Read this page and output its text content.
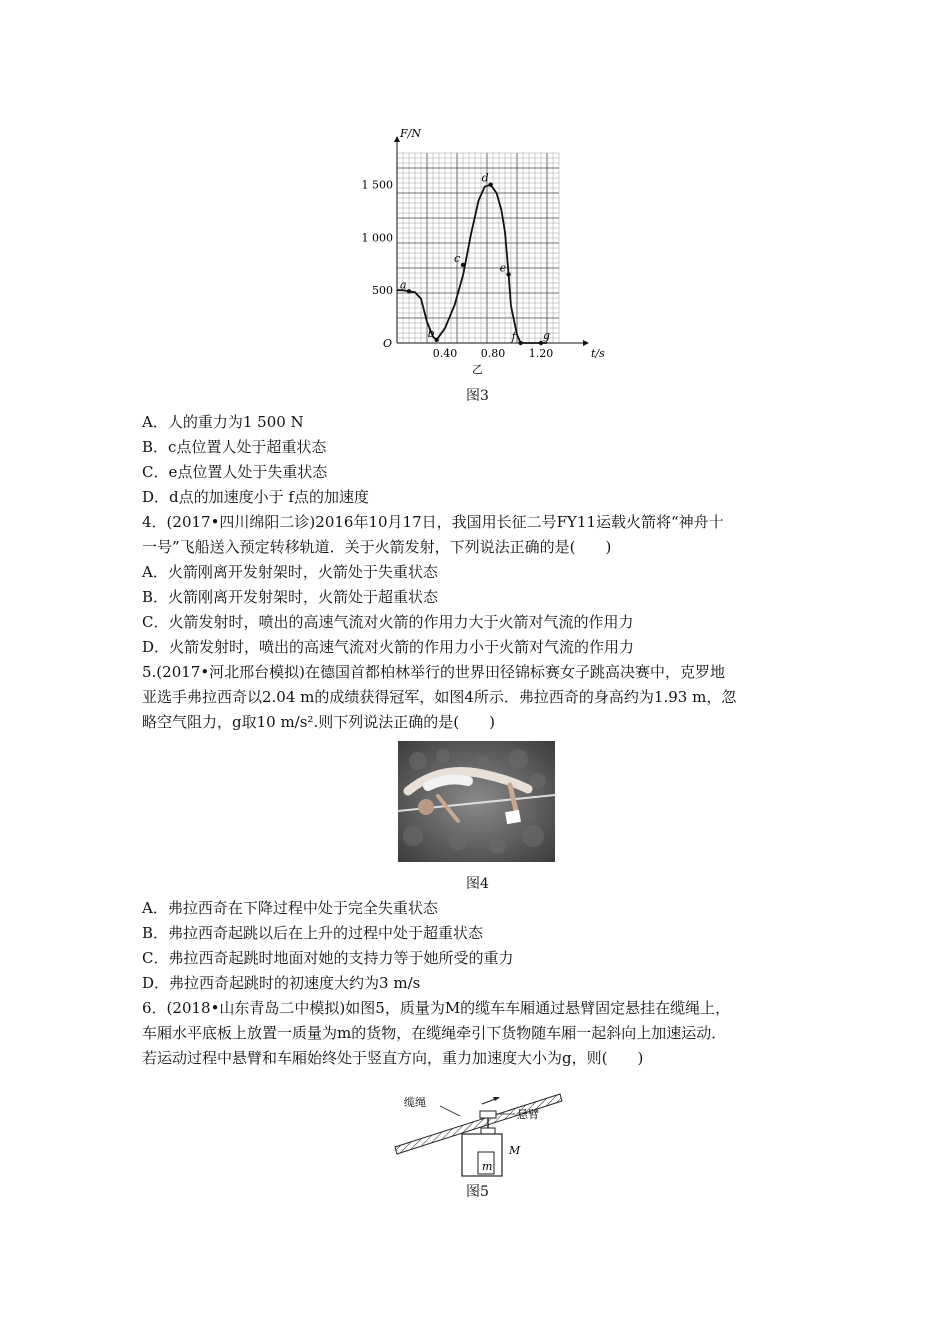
F/N
t/s
O
0.40 0.80 1.20
500
1 000
1 500
a
b
c
d
e
f g
乙
图3
A．人的重力为1 500 N
B．c点位置人处于超重状态
C．e点位置人处于失重状态
D．d点的加速度小于 f点的加速度
4．(2017•四川绵阳二诊)2016年10月17日，我国用长征二号FY11运载火箭将“神舟十
一号”飞船送入预定转移轨道．关于火箭发射，下列说法正确的是(　　)
A．火箭刚离开发射架时，火箭处于失重状态
B．火箭刚离开发射架时，火箭处于超重状态
C．火箭发射时，喷出的高速气流对火箭的作用力大于火箭对气流的作用力
D．火箭发射时，喷出的高速气流对火箭的作用力小于火箭对气流的作用力
5.(2017•河北邢台模拟)在德国首都柏林举行的世界田径锦标赛女子跳高决赛中，克罗地
亚选手弗拉西奇以2.04 m的成绩获得冠军，如图4所示．弗拉西奇的身高约为1.93 m，忽
略空气阻力，g取10 m/s².则下列说法正确的是(　　)
图4
A．弗拉西奇在下降过程中处于完全失重状态
B．弗拉西奇起跳以后在上升的过程中处于超重状态
C．弗拉西奇起跳时地面对她的支持力等于她所受的重力
D．弗拉西奇起跳时的初速度大约为3 m/s
6．(2018•山东青岛二中模拟)如图5，质量为M的缆车车厢通过悬臂固定悬挂在缆绳上，
车厢水平底板上放置一质量为m的货物，在缆绳牵引下货物随车厢一起斜向上加速运动．
若运动过程中悬臂和车厢始终处于竖直方向，重力加速度大小为g，则(　　)
缆绳
悬臂
M
m
图5
